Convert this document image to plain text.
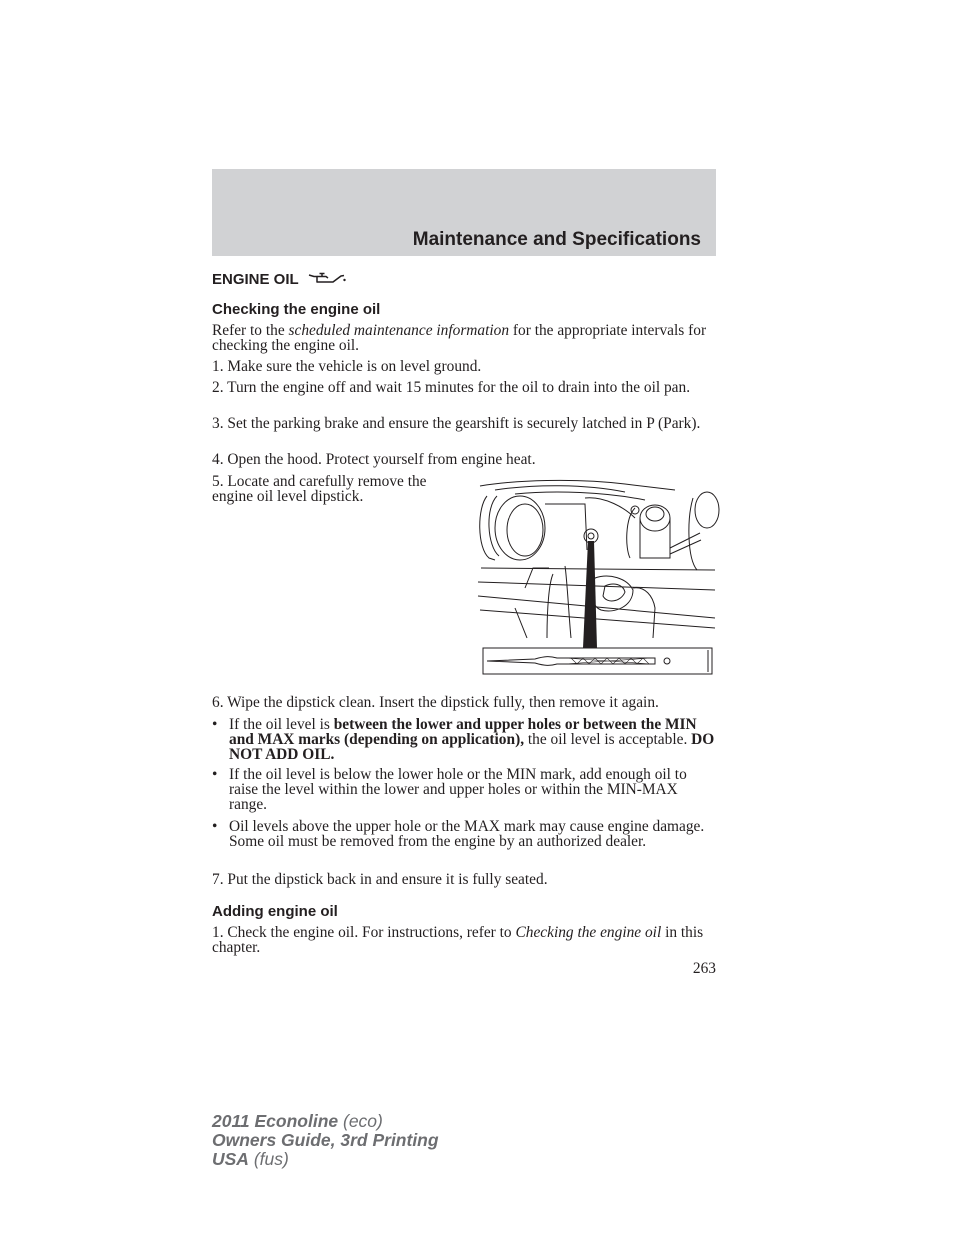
Maintenance and Specifications
ENGINE OIL
Checking the engine oil
Refer to the scheduled maintenance information for the appropriate intervals for checking the engine oil.
1. Make sure the vehicle is on level ground.
2. Turn the engine off and wait 15 minutes for the oil to drain into the oil pan.
3. Set the parking brake and ensure the gearshift is securely latched in P (Park).
4. Open the hood. Protect yourself from engine heat.
5. Locate and carefully remove the engine oil level dipstick.
6. Wipe the dipstick clean. Insert the dipstick fully, then remove it again.
• If the oil level is between the lower and upper holes or between the MIN and MAX marks (depending on application), the oil level is acceptable. DO NOT ADD OIL.
• If the oil level is below the lower hole or the MIN mark, add enough oil to raise the level within the lower and upper holes or within the MIN-MAX range.
• Oil levels above the upper hole or the MAX mark may cause engine damage. Some oil must be removed from the engine by an authorized dealer.
7. Put the dipstick back in and ensure it is fully seated.
Adding engine oil
1. Check the engine oil. For instructions, refer to Checking the engine oil in this chapter.
263
2011 Econoline (eco)
Owners Guide, 3rd Printing
USA (fus)
